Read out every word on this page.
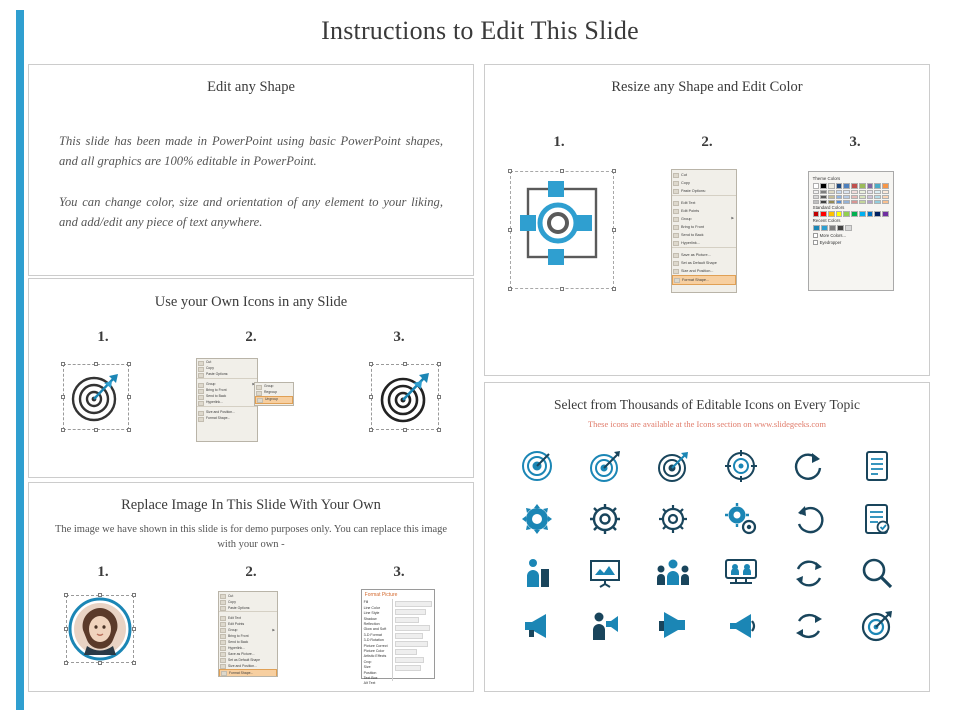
Instructions to Edit This Slide
Edit any Shape
This slide has been made in PowerPoint using basic PowerPoint shapes, and all graphics are 100% editable in PowerPoint.
You can change color, size and orientation of any element to your liking, and add/edit any piece of text anywhere.
Use your Own Icons in any Slide
1.	2.	3.
Cut
Copy
Paste Options:
Group
Bring to Front
Send to Back
Hyperlink...
Size and Position...
Format Shape...
Group
Regroup
Ungroup
Replace Image In This Slide With Your Own
The image we have shown in this slide is for demo purposes only. You can replace this image with your own -
1.	2.	3.
Cut
Copy
Paste Options:
Edit Text
Edit Points
Group	▶
Bring to Front
Send to Back
Hyperlink...
Save as Picture...
Set as Default Shape
Size and Position...
Format Shape...
Format Picture
Fill
Line Color
Line Style
Shadow
Reflection
Glow and Soft
3-D Format
3-D Rotation
Picture Correct
Picture Color
Artistic Effects
Crop
Size
Position
Text Box
Alt Text
Resize any Shape and Edit Color
1.	2.	3.
Cut
Copy
Paste Options:
Edit Text
Edit Points
Group	▶
Bring to Front
Send to Back
Hyperlink...
Save as Picture...
Set as Default Shape
Size and Position...
Format Shape...
Theme Colors
Standard Colors
Recent Colors
More Colors...
Eyedropper
Select from Thousands of Editable Icons on Every Topic
These icons are available at the Icons section on www.slidegeeks.com
